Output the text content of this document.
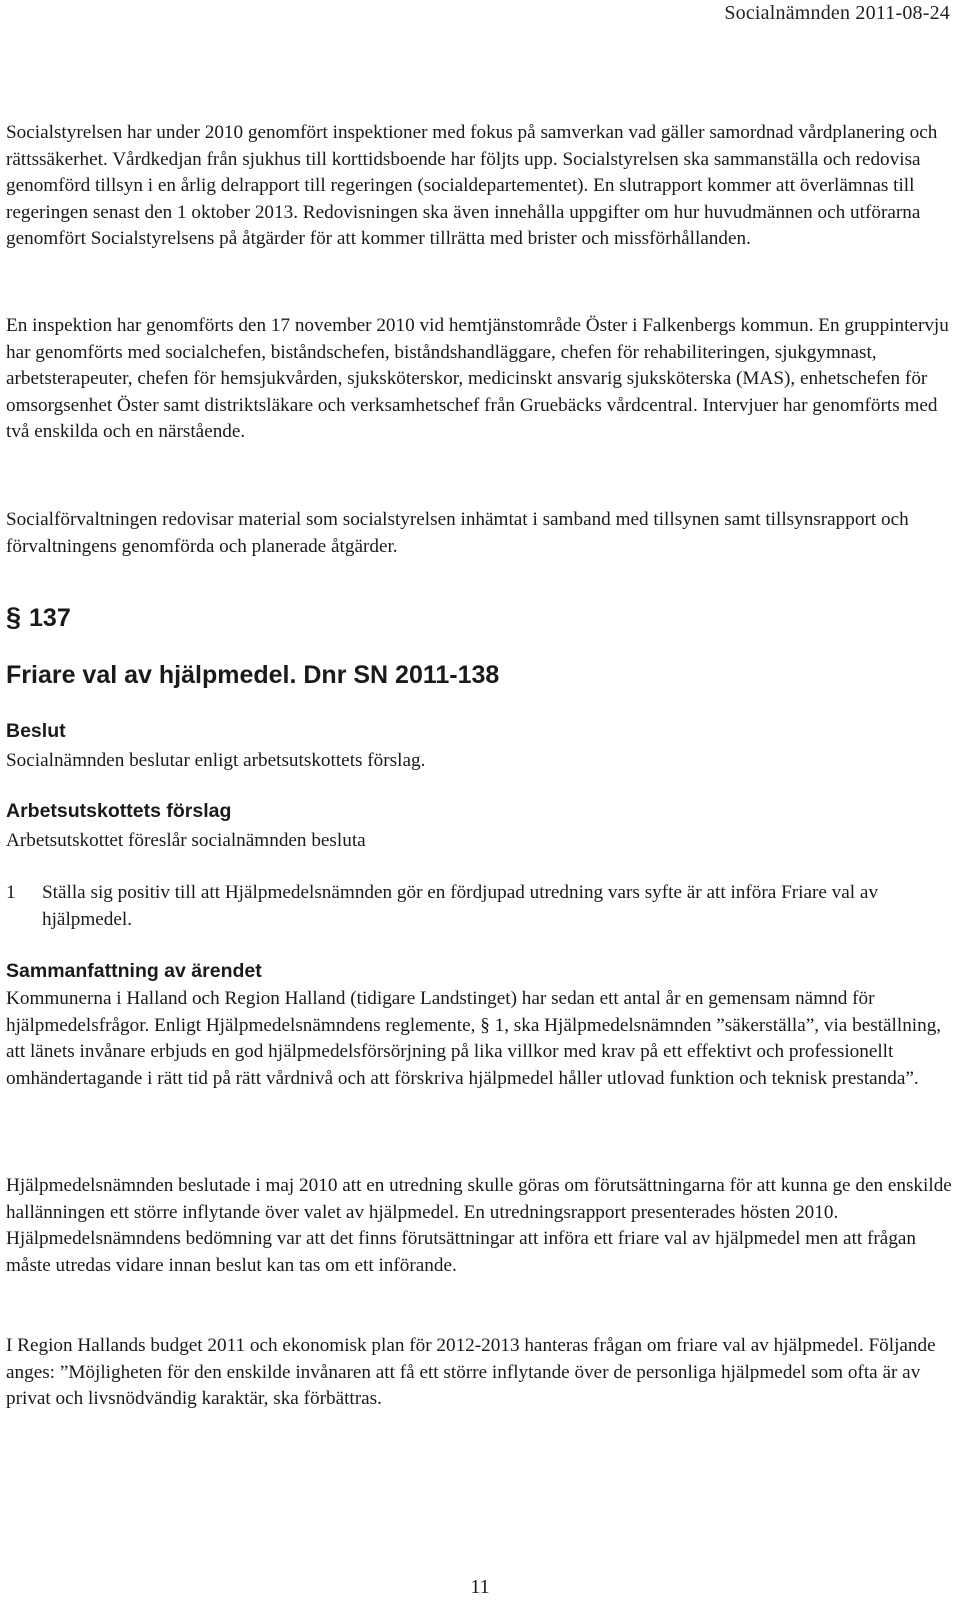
Socialnämnden 2011-08-24

Socialstyrelsen har under 2010 genomfört inspektioner med fokus på samverkan vad gäller samordnad vårdplanering och rättssäkerhet. Vårdkedjan från sjukhus till korttidsboende har följts upp. Socialstyrelsen ska sammanställa och redovisa genomförd tillsyn i en årlig delrapport till regeringen (socialdepartementet). En slutrapport kommer att överlämnas till regeringen senast den 1 oktober 2013. Redovisningen ska även innehålla uppgifter om hur huvudmännen och utförarna genomfört Socialstyrelsens på åtgärder för att kommer tillrätta med brister och missförhållanden.

En inspektion har genomförts den 17 november 2010 vid hemtjänstområde Öster i Falkenbergs kommun. En gruppintervju har genomförts med socialchefen, biståndschefen, biståndshandläggare, chefen för rehabiliteringen, sjukgymnast, arbetsterapeuter, chefen för hemsjukvården, sjuksköterskor, medicinskt ansvarig sjuksköterska (MAS), enhetschefen för omsorgsenhet Öster samt distriktsläkare och verksamhetschef från Gruebäcks vårdcentral. Intervjuer har genomförts med två enskilda och en närstående.

Socialförvaltningen redovisar material som socialstyrelsen inhämtat i samband med tillsynen samt tillsynsrapport och förvaltningens genomförda och planerade åtgärder.

§ 137
Friare val av hjälpmedel. Dnr SN 2011-138
Beslut

Socialnämnden beslutar enligt arbetsutskottets förslag.

Arbetsutskottets förslag

Arbetsutskottet föreslår socialnämnden besluta

1 Ställa sig positiv till att Hjälpmedelsnämnden gör en fördjupad utredning vars syfte är att införa Friare val av hjälpmedel.

Sammanfattning av ärendet

Kommunerna i Halland och Region Halland (tidigare Landstinget) har sedan ett antal år en gemensam nämnd för hjälpmedelsfrågor. Enligt Hjälpmedelsnämndens reglemente, § 1, ska Hjälpmedelsnämnden ”säkerställa”, via beställning, att länets invånare erbjuds en god hjälpmedelsförsörjning på lika villkor med krav på ett effektivt och professionellt omhändertagande i rätt tid på rätt vårdnivå och att förskriva hjälpmedel håller utlovad funktion och teknisk prestanda”.

Hjälpmedelsnämnden beslutade i maj 2010 att en utredning skulle göras om förutsättningarna för att kunna ge den enskilde hallänningen ett större inflytande över valet av hjälpmedel. En utredningsrapport presenterades hösten 2010. Hjälpmedelsnämndens bedömning var att det finns förutsättningar att införa ett friare val av hjälpmedel men att frågan måste utredas vidare innan beslut kan tas om ett införande.

I Region Hallands budget 2011 och ekonomisk plan för 2012-2013 hanteras frågan om friare val av hjälpmedel. Följande anges: ”Möjligheten för den enskilde invånaren att få ett större inflytande över de personliga hjälpmedel som ofta är av privat och livsnödvändig karaktär, ska förbättras.

11
